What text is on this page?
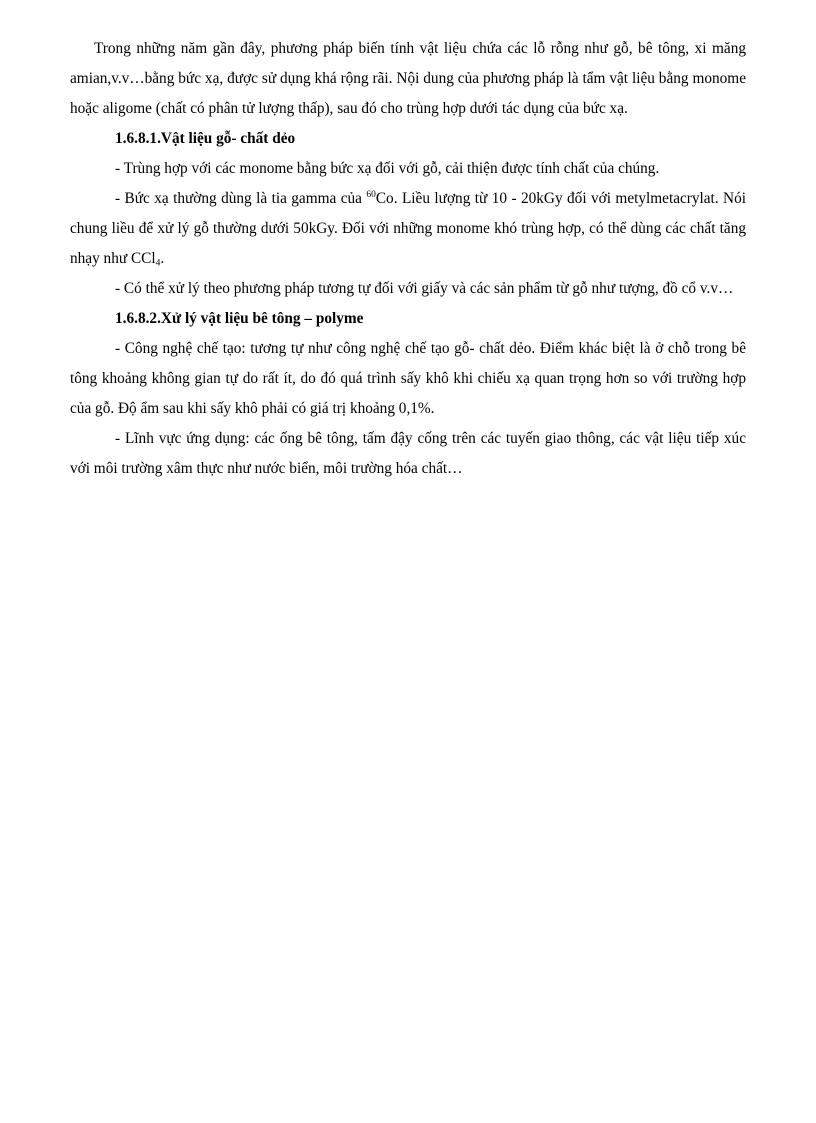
Trong những năm gần đây, phương pháp biến tính vật liệu chứa các lỗ rỗng như gỗ, bê tông, xi măng amian,v.v…bằng bức xạ, được sử dụng khá rộng rãi. Nội dung của phương pháp là tẩm vật liệu bằng monome hoặc aligome (chất có phân tử lượng thấp), sau đó cho trùng hợp dưới tác dụng của bức xạ.

1.6.8.1.Vật liệu gỗ- chất dẻo

- Trùng hợp với các monome bằng bức xạ đối với gỗ, cải thiện được tính chất của chúng.

- Bức xạ thường dùng là tia gamma của $^{60}$Co. Liều lượng từ 10 - 20kGy đối với metylmetacrylat. Nói chung liều để xử lý gỗ thường dưới 50kGy. Đối với những monome khó trùng hợp, có thể dùng các chất tăng nhạy như CCl$_4$.

- Có thể xử lý theo phương pháp tương tự đối với giấy và các sản phẩm từ gỗ như tượng, đồ cổ v.v…

1.6.8.2.Xử lý vật liệu bê tông – polyme

- Công nghệ chế tạo: tương tự như công nghệ chế tạo gỗ- chất dẻo. Điểm khác biệt là ở chỗ trong bê tông khoảng không gian tự do rất ít, do đó quá trình sấy khô khi chiếu xạ quan trọng hơn so với trường hợp của gỗ. Độ ẩm sau khi sấy khô phải có giá trị khoảng 0,1%.

- Lĩnh vực ứng dụng: các ống bê tông, tấm đậy cống trên các tuyến giao thông, các vật liệu tiếp xúc với môi trường xâm thực như nước biển, môi trường hóa chất…
